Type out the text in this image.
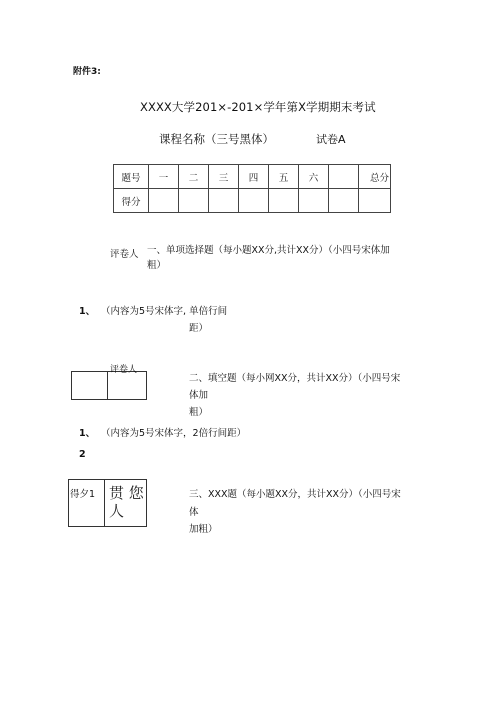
附件3:
XXXX大学201×-201×学年第X学期期末考试
课程名称（三号黑体）	试卷A
题号	一	二	三	四	五	六		总分
得分								
评卷人 一、单项选择题（每小题XX分,共计XX分）（小四号宋体加
粗）
1、 （内容为5号宋体字, 单倍行间
距）
评卷人
二、填空题（每小网XX分，共计XX分）（小四号宋
体加
粗）
1、 （内容为5号宋体字，2倍行间距）
2
得夕1 贯 您
人
三、XXX题（每小题XX分，共计XX分）（小四号宋
体
加粗）
